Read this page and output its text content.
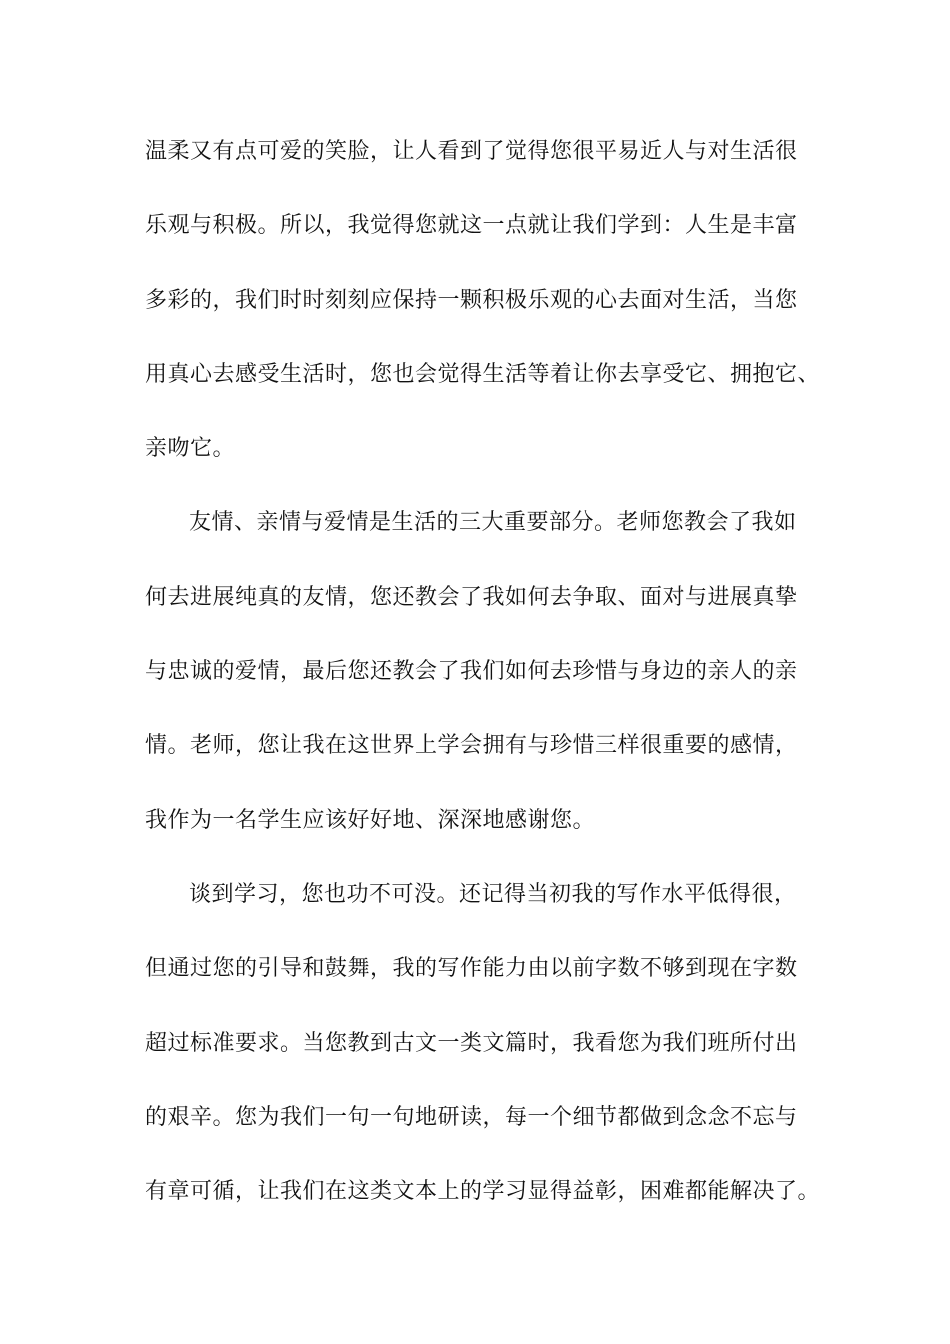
温柔又有点可爱的笑脸，让人看到了觉得您很平易近人与对生活很
乐观与积极。所以，我觉得您就这一点就让我们学到：人生是丰富
多彩的，我们时时刻刻应保持一颗积极乐观的心去面对生活，当您
用真心去感受生活时，您也会觉得生活等着让你去享受它、拥抱它、
亲吻它。
友情、亲情与爱情是生活的三大重要部分。老师您教会了我如
何去进展纯真的友情，您还教会了我如何去争取、面对与进展真挚
与忠诚的爱情，最后您还教会了我们如何去珍惜与身边的亲人的亲
情。老师，您让我在这世界上学会拥有与珍惜三样很重要的感情，
我作为一名学生应该好好地、深深地感谢您。
谈到学习，您也功不可没。还记得当初我的写作水平低得很，
但通过您的引导和鼓舞，我的写作能力由以前字数不够到现在字数
超过标准要求。当您教到古文一类文篇时，我看您为我们班所付出
的艰辛。您为我们一句一句地研读，每一个细节都做到念念不忘与
有章可循，让我们在这类文本上的学习显得益彰，困难都能解决了。
